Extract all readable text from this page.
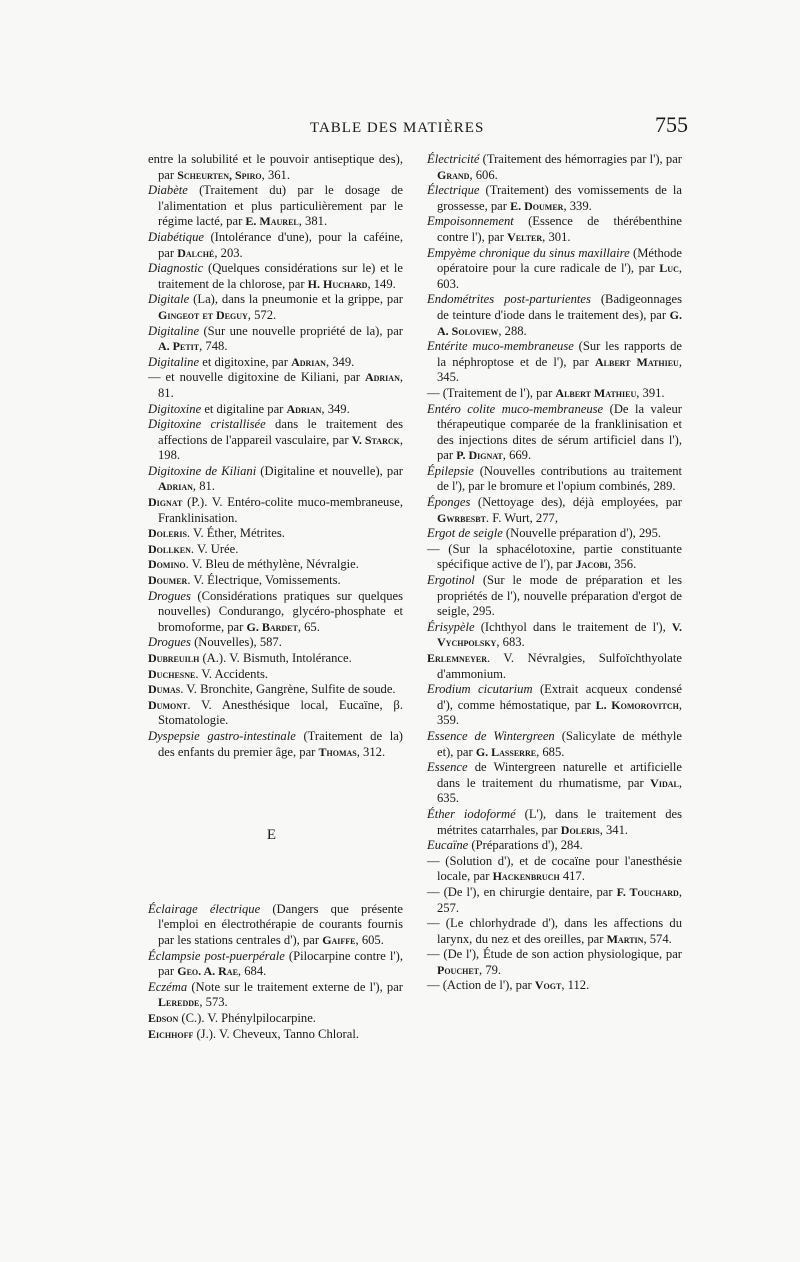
TABLE DES MATIÈRES	755

entre la solubilité et le pouvoir antiseptique des), par Scheurten, Spiro, 361.

Diabète (Traitement du) par le dosage de l'alimentation et plus particulièrement par le régime lacté, par E. Maurel, 381.

Diabétique (Intolérance d'une), pour la caféine, par Dalché, 203.

Diagnostic (Quelques considérations sur le) et le traitement de la chlorose, par H. Huchard, 149.

Digitale (La), dans la pneumonie et la grippe, par Gingeot et Deguy, 572.

Digitaline (Sur une nouvelle propriété de la), par A. Petit, 748.

Digitaline et digitoxine, par Adrian, 349.

— et nouvelle digitoxine de Kiliani, par Adrian, 81.

Digitoxine et digitaline par Adrian, 349.

Digitoxine cristallisée dans le traitement des affections de l'appareil vasculaire, par V. Starck, 198.

Digitoxine de Kiliani (Digitaline et nouvelle), par Adrian, 81.

Dignat (P.). V. Entéro-colite muco-membraneuse, Franklinisation.

Doleris. V. Éther, Métrites.

Dollken. V. Urée.

Domino. V. Bleu de méthylène, Névralgie.

Doumer. V. Électrique, Vomissements.

Drogues (Considérations pratiques sur quelques nouvelles) Condurango, glycéro-phosphate et bromoforme, par G. Bardet, 65.

Drogues (Nouvelles), 587.

Dubreuilh (A.). V. Bismuth, Intolérance.

Duchesne. V. Accidents.

Dumas. V. Bronchite, Gangrène, Sulfite de soude.

Dumont. V. Anesthésique local, Eucaïne, β. Stomatologie.

Dyspepsie gastro-intestinale (Traitement de la) des enfants du premier âge, par Thomas, 312.

E

Éclairage électrique (Dangers que présente l'emploi en électrothérapie de courants fournis par les stations centrales d'), par Gaiffe, 605.

Éclampsie post-puerpérale (Pilocarpine contre l'), par Geo. A. Rae, 684.

Eczéma (Note sur le traitement externe de l'), par Leredde, 573.

Edson (C.). V. Phénylpilocarpine.

Eichhoff (J.). V. Cheveux, Tanno Chloral.

Électricité (Traitement des hémorragies par l'), par Grand, 606.

Électrique (Traitement) des vomissements de la grossesse, par E. Doumer, 339.

Empoisonnement (Essence de thérébenthine contre l'), par Velter, 301.

Empyème chronique du sinus maxillaire (Méthode opératoire pour la cure radicale de l'), par Luc, 603.

Endométrites post-parturientes (Badigeonnages de teinture d'iode dans le traitement des), par G. A. Soloview, 288.

Entérite muco-membraneuse (Sur les rapports de la néphroptose et de l'), par Albert Mathieu, 345.

— (Traitement de l'), par Albert Mathieu, 391.

Entéro colite muco-membraneuse (De la valeur thérapeutique comparée de la franklinisation et des injections dites de sérum artificiel dans l'), par P. Dignat, 669.

Épilepsie (Nouvelles contributions au traitement de l'), par le bromure et l'opium combinés, 289.

Éponges (Nettoyage des), déjà employées, par Gwrbesbt. F. Wurt, 277,

Ergot de seigle (Nouvelle préparation d'), 295.

— (Sur la sphacélotoxine, partie constituante spécifique active de l'), par Jacobi, 356.

Ergotinol (Sur le mode de préparation et les propriétés de l'), nouvelle préparation d'ergot de seigle, 295.

Érisypèle (Ichthyol dans le traitement de l'), V. Vychpolsky, 683.

Erlemneyer. V. Névralgies, Sulfoïchthyolate d'ammonium.

Erodium cicutarium (Extrait acqueux condensé d'), comme hémostatique, par L. Komorovitch, 359.

Essence de Wintergreen (Salicylate de méthyle et), par G. Lasserre, 685.

Essence de Wintergreen naturelle et artificielle dans le traitement du rhumatisme, par Vidal, 635.

Éther iodoformé (L'), dans le traitement des métrites catarrhales, par Doleris, 341.

Eucaïne (Préparations d'), 284.

— (Solution d'), et de cocaïne pour l'anesthésie locale, par Hackenbruch 417.

— (De l'), en chirurgie dentaire, par F. Touchard, 257.

— (Le chlorhydrade d'), dans les affections du larynx, du nez et des oreilles, par Martin, 574.

— (De l'), Étude de son action physiologique, par Pouchet, 79.

— (Action de l'), par Vogt, 112.
